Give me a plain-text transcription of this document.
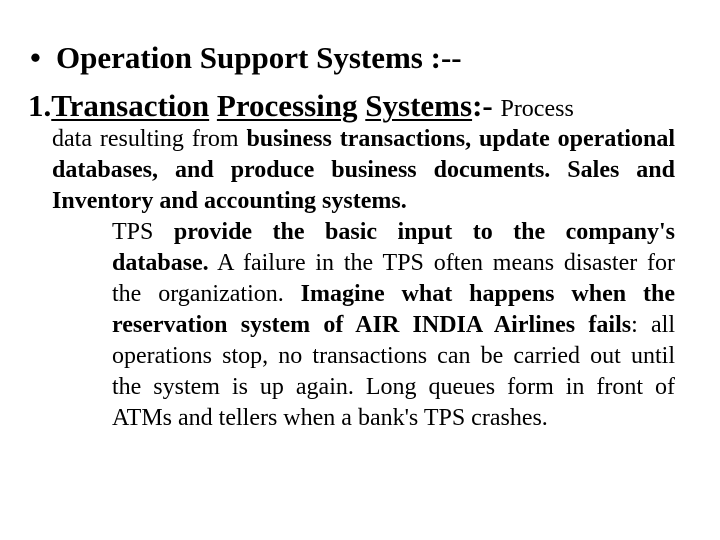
• Operation Support Systems :--
1.Transaction Processing Systems:- Process

data resulting from business transactions, update operational databases, and produce business documents. Sales and Inventory and accounting systems.

TPS provide the basic input to the company's database. A failure in the TPS often means disaster for the organization. Imagine what happens when the reservation system of AIR INDIA Airlines fails: all operations stop, no transactions can be carried out until the system is up again. Long queues form in front of ATMs and tellers when a bank's TPS crashes.
